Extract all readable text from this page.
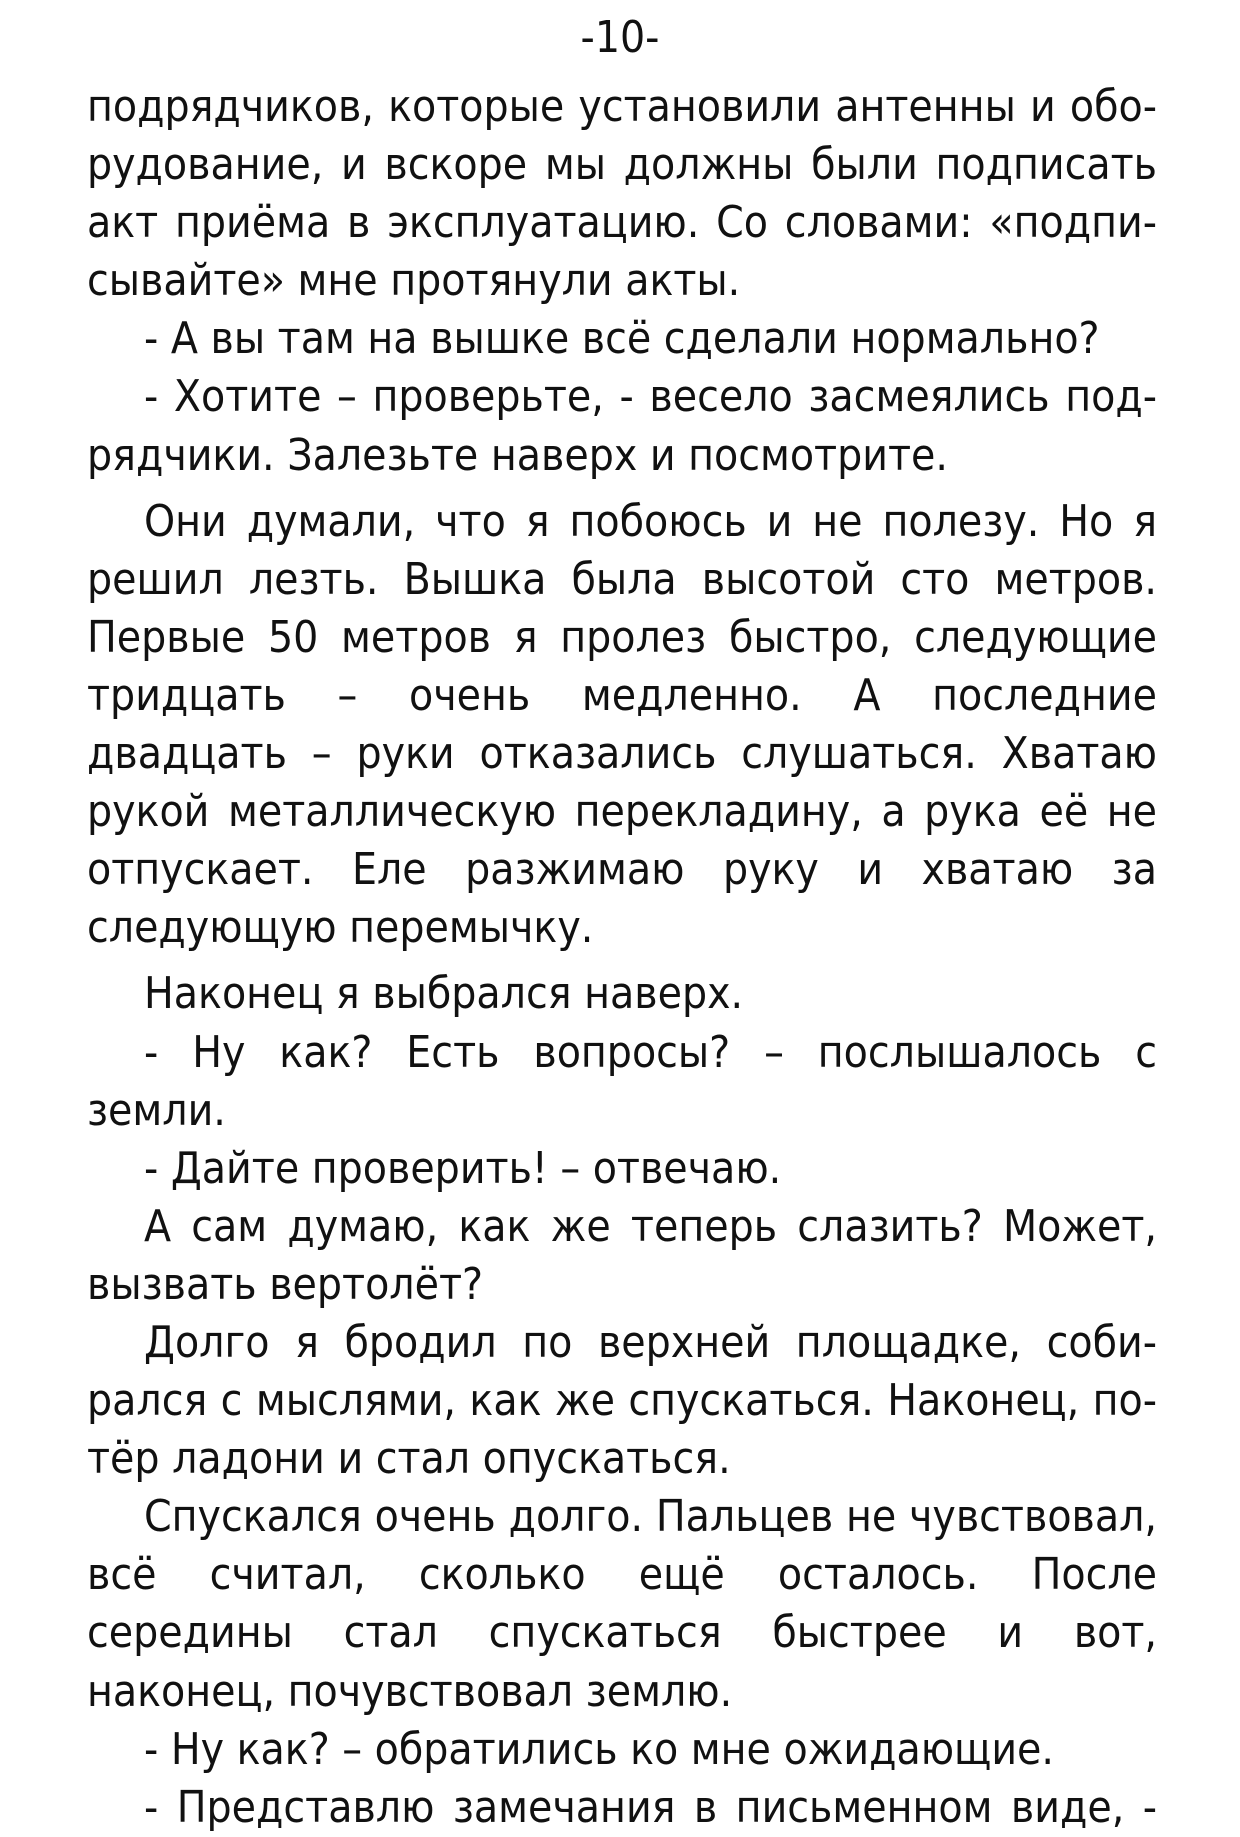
-10-

подрядчиков, которые установили антенны и оборудование, и вскоре мы должны были подписать акт приёма в эксплуатацию. Со словами: «подписывайте» мне протянули акты.

- А вы там на вышке всё сделали нормально?

- Хотите – проверьте, - весело засмеялись подрядчики. Залезьте наверх и посмотрите.

Они думали, что я побоюсь и не полезу. Но я решил лезть. Вышка была высотой сто метров. Первые 50 метров я пролез быстро, следующие тридцать – очень медленно. А последние двадцать – руки отказались слушаться. Хватаю рукой металлическую перекладину, а рука её не отпускает. Еле разжимаю руку и хватаю за следующую перемычку.

Наконец я выбрался наверх.

- Ну как? Есть вопросы? – послышалось с земли.

- Дайте проверить! – отвечаю.

А сам думаю, как же теперь слазить? Может, вызвать вертолёт?

Долго я бродил по верхней площадке, собирался с мыслями, как же спускаться. Наконец, потёр ладони и стал опускаться.

Спускался очень долго. Пальцев не чувствовал, всё считал, сколько ещё осталось. После середины стал спускаться быстрее и вот, наконец, почувствовал землю.

- Ну как? – обратились ко мне ожидающие.

- Представлю замечания в письменном виде, -
